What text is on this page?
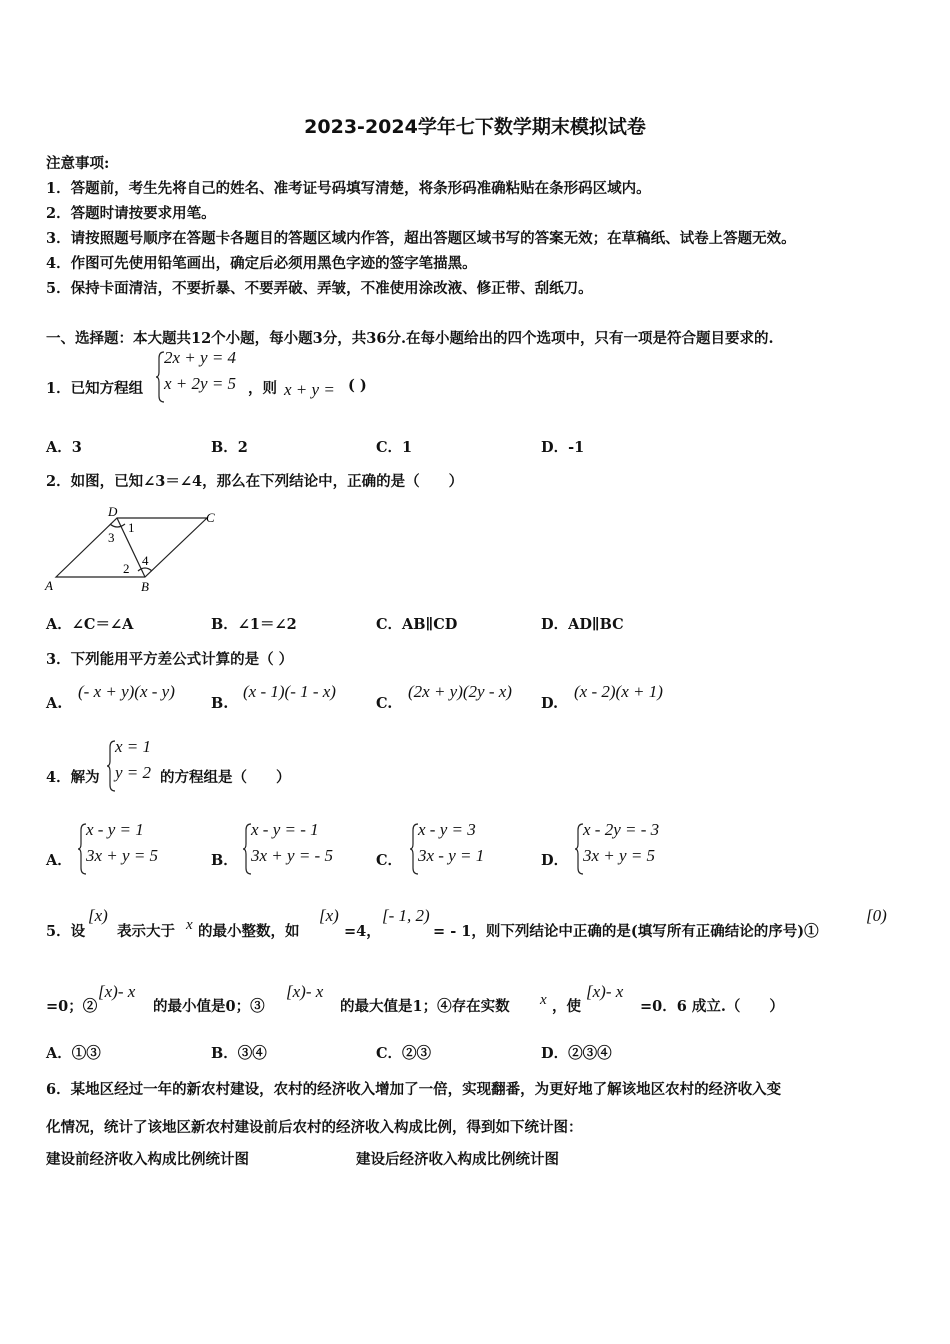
2023-2024学年七下数学期末模拟试卷
注意事项:
1．答题前，考生先将自己的姓名、准考证号码填写清楚，将条形码准确粘贴在条形码区域内。
2．答题时请按要求用笔。
3．请按照题号顺序在答题卡各题目的答题区域内作答，超出答题区域书写的答案无效；在草稿纸、试卷上答题无效。
4．作图可先使用铅笔画出，确定后必须用黑色字迹的签字笔描黑。
5．保持卡面清洁，不要折暴、不要弄破、弄皱，不准使用涂改液、修正带、刮纸刀。
一、选择题：本大题共12个小题，每小题3分，共36分.在每小题给出的四个选项中，只有一项是符合题目要求的.
1．已知方程组
2x + y = 4
x + 2y = 5 ，则 x + y = ( )
A．3	B．2	C．1	D．-1
2．如图，已知∠3＝∠4，那么在下列结论中，正确的是（　　）
D	C
A	B
1
2
3
4
A．∠C＝∠A	B．∠1＝∠2	C．AB∥CD	D．AD∥BC
3．下列能用平方差公式计算的是（ ）
A.
(- x + y)(x - y)
B.
(x - 1)(- 1 - x)
C.
(2x + y)(2y - x)
D.
(x - 2)(x + 1)
4．解为
x = 1
y = 2 的方程组是（　　）
A．
x - y = 1
3x + y = 5	B．
x - y = - 1
3x + y = - 5	C．
x - y = 3
3x - y = 1	D．
x - 2y = - 3
3x + y = 5
5．设
[x)
表示大于 x 的最小整数，如
[x)
=4，
[- 1, 2)
= - 1，则下列结论中正确的是(填写所有正确结论的序号)①
[0)
=0；②
[x)- x
的最小值是0；③
[x)- x
的最大值是1；④存在实数 x ，使
[x)- x
=0．6 成立.（　　）
A．①③	B．③④	C．②③	D．②③④
6．某地区经过一年的新农村建设，农村的经济收入增加了一倍，实现翻番，为更好地了解该地区农村的经济收入变
化情况，统计了该地区新农村建设前后农村的经济收入构成比例，得到如下统计图：
建设前经济收入构成比例统计图	建设后经济收入构成比例统计图
